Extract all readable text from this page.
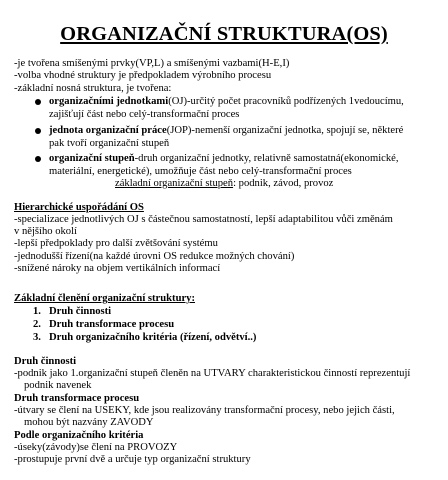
ORGANIZAČNÍ STRUKTURA(OS)
-je tvořena smíšenými prvky(VP,L) a smíšenými vazbami(H-E,I)
-volba vhodné struktury je předpokladem výrobního procesu
-základní nosná struktura, je tvořena:
organizačními jednotkami(OJ)-určitý počet pracovníků podřízených 1vedoucímu,
zajišťují část nebo celý-transformační proces
jednota organizační práce(JOP)-nemenší organizační jednotka, spojují se, některé
pak tvoří organizační stupeň
organizační stupeň-druh organizační jednotky, relativně samostatná(ekonomické,
materiální, energetické), umožňuje část nebo celý-transformační proces
základní organizační stupeň: podnik, závod, provoz
Hierarchické uspořádání OS
-specializace jednotlivých OJ s částečnou samostatností, lepší adaptabilitou vůči změnám
v nějšího okolí
-lepší předpoklady pro další zvětšování systému
-jednodušší řízení(na každé úrovni OS redukce možných chování)
-snížené nároky na objem vertikálních informací
Základní členění organizační struktury:
1. Druh činnosti
2. Druh transformace procesu
3. Druh organizačního kritéria (řízení, odvětví..)
Druh činnosti
-podnik jako 1.organizační stupeň členěn na UTVARY charakteristickou činností reprezentují
podnik navenek
Druh transformace procesu
-útvary se člení na USEKY, kde jsou realizovány transformační procesy, nebo jejich části,
mohou být nazvány ZAVODY
Podle organizačního kritéria
-úseky(závody)se člení na PROVOZY
-prostupuje první dvě a určuje typ organizační struktury
